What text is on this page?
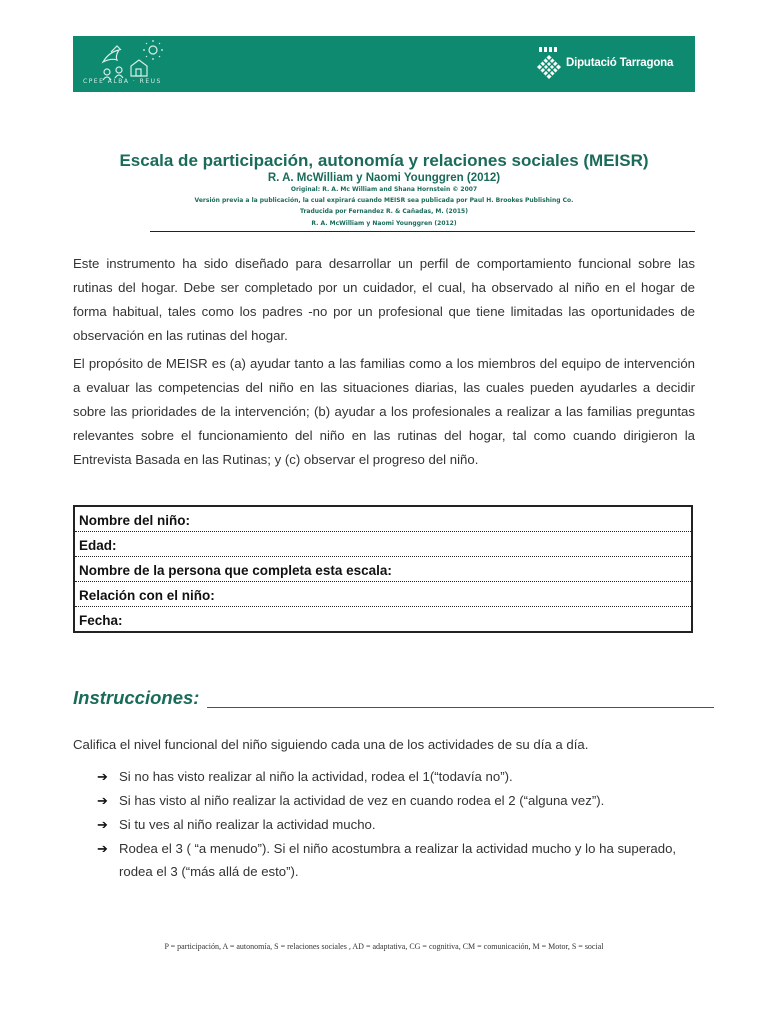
CPEE ALBA · REUS
Diputació Tarragona
Escala de participación, autonomía y relaciones sociales (MEISR)
R. A. McWilliam y Naomi Younggren (2012)
Original: R. A. Mc William and Shana Hornstein © 2007
Versión previa a la publicación, la cual expirará cuando MEISR sea publicada por Paul H. Brookes Publishing Co.
Traducida por Fernandez R. & Cañadas, M. (2015)
R. A. McWilliam y Naomi Younggren (2012)
Este instrumento ha sido diseñado para desarrollar un perfil de comportamiento funcional sobre las rutinas del hogar. Debe ser completado por un cuidador, el cual, ha observado al niño en el hogar de forma habitual, tales como los padres -no por un profesional que tiene limitadas las oportunidades de observación en las rutinas del hogar.
El propósito de MEISR es (a) ayudar tanto a las familias como a los miembros del equipo de intervención a evaluar las competencias del niño en las situaciones diarias, las cuales pueden ayudarles a decidir sobre las prioridades de la intervención; (b) ayudar a los profesionales a realizar a las familias preguntas relevantes sobre el funcionamiento del niño en las rutinas del hogar, tal como cuando dirigieron la Entrevista Basada en las Rutinas; y (c) observar el progreso del niño.
Nombre del niño:
Edad:
Nombre de la persona que completa esta escala:
Relación con el niño:
Fecha:
Instrucciones:
Califica el nivel funcional del niño siguiendo cada una de los actividades de su día a día.
➔ Si no has visto realizar al niño la actividad, rodea el 1(“todavía no”).
➔ Si has visto al niño realizar la actividad de vez en cuando rodea el 2 (“alguna vez”).
➔ Si tu ves al niño realizar la actividad mucho.
➔ Rodea el 3 ( “a menudo”). Si el niño acostumbra a realizar la actividad mucho y lo ha superado, rodea el 3 (“más allá de esto”).
P = participación, A = autonomía, S = relaciones sociales , AD = adaptativa, CG = cognitiva, CM = comunicación, M = Motor, S = social
